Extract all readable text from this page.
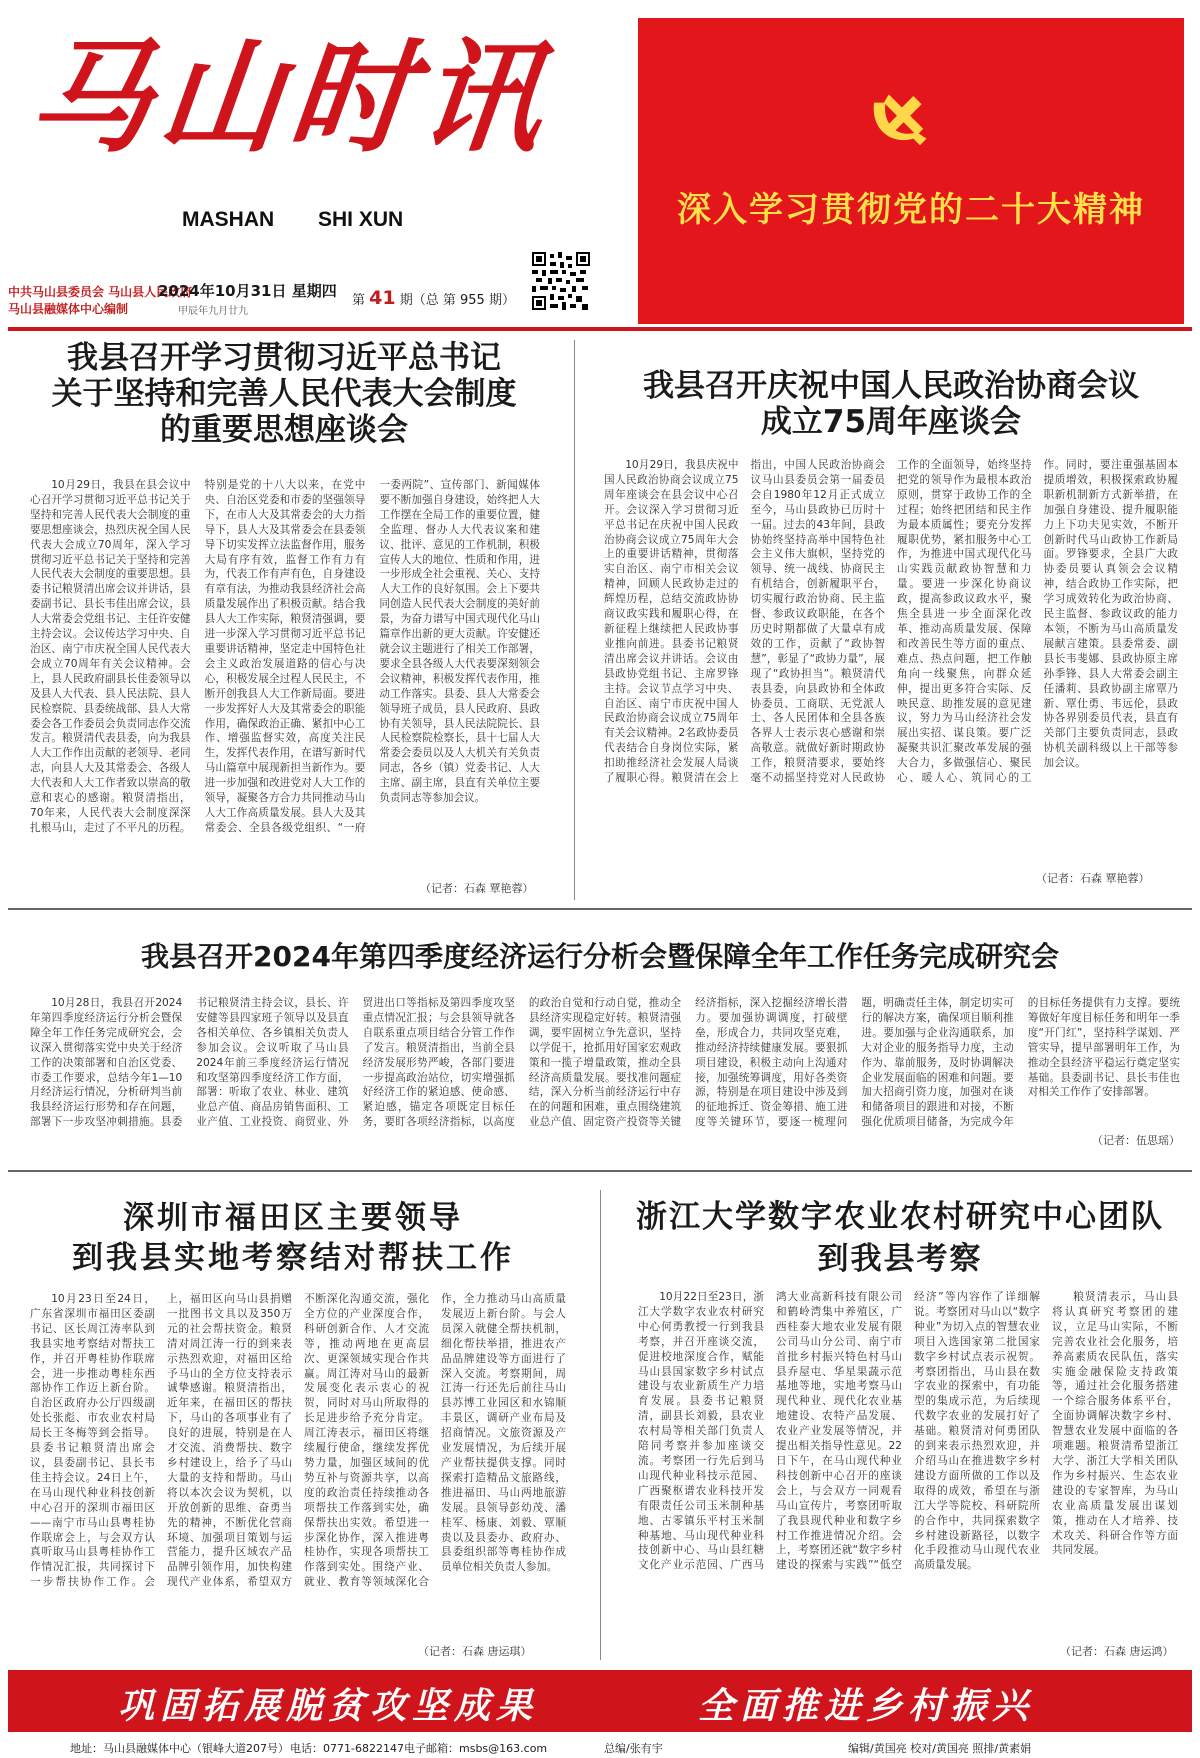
马山时讯
MASHAN SHI XUN	深入学习贯彻党的二十大精神
中共马山县委员会 马山县人民政府
马山县融媒体中心编制
2024年10月31日 星期四
甲辰年九月廿九
第 41 期（总 第 955 期）
我县召开学习贯彻习近平总书记
关于坚持和完善人民代表大会制度
的重要思想座谈会

10月29日，我县在县会议中心召开学习贯彻习近平总书记关于坚持和完善人民代表大会制度的重要思想座谈会，热烈庆祝全国人民代表大会成立70周年，深入学习贯彻习近平总书记关于坚持和完善人民代表大会制度的重要思想。县委书记粮贤清出席会议并讲话，县委副书记、县长韦佳出席会议，县人大常委会党组书记、主任许安健主持会议。会议传达学习中央、自治区、南宁市庆祝全国人民代表大会成立70周年有关会议精神。会上，县人民政府副县长佳委领导以及县人大代表、县人民法院、县人民检察院、县委统战部、县人大常委会各工作委员会负责同志作交流发言。粮贤清代表县委，向为我县人大工作作出贡献的老领导、老同志，向县人大及其常委会、各级人大代表和人大工作者致以崇高的敬意和衷心的感谢。粮贤清指出，70年来，人民代表大会制度深深扎根马山，走过了不平凡的历程。特别是党的十八大以来，在党中央、自治区党委和市委的坚强领导下，在市人大及其常委会的大力指导下，县人大及其常委会在县委领导下切实发挥立法监督作用，服务大局有序有效，监督工作有力有为，代表工作有声有色，自身建设有章有法，为推动我县经济社会高质量发展作出了积极贡献。结合我县人大工作实际，粮贤清强调，要进一步深入学习贯彻习近平总书记重要讲话精神，坚定走中国特色社会主义政治发展道路的信心与决心，积极发展全过程人民民主，不断开创我县人大工作新局面。要进一步发挥好人大及其常委会的职能作用，确保政治正确、紧扣中心工作、增强监督实效，高度关注民生，发挥代表作用，在谱写新时代马山篇章中展现新担当新作为。要进一步加强和改进党对人大工作的领导，凝聚各方合力共同推动马山人大工作高质量发展。县人大及其常委会、全县各级党组织、“一府一委两院”、宣传部门、新闻媒体要不断加强自身建设，始终把人大工作摆在全局工作的重要位置，健全监理、督办人大代表议案和建议、批评、意见的工作机制，积极宣传人大的地位、性质和作用，进一步形成全社会重视、关心、支持人大工作的良好氛围。会上下要共同创造人民代表大会制度的美好前景，为奋力谱写中国式现代化马山篇章作出新的更大贡献。许安健还就会议主题进行了相关工作部署，要求全县各级人大代表要深刻领会会议精神，积极发挥代表作用，推动工作落实。县委、县人大常委会领导班子成员，县人民政府、县政协有关领导，县人民法院院长、县人民检察院检察长，县十七届人大常委会委员以及人大机关有关负责同志，各乡（镇）党委书记、人大主席、副主席，县直有关单位主要负责同志等参加会议。

（记者：石森 覃艳蓉）
我县召开庆祝中国人民政治协商会议
成立75周年座谈会

10月29日，我县庆祝中国人民政治协商会议成立75周年座谈会在县会议中心召开。会议深入学习贯彻习近平总书记在庆祝中国人民政治协商会议成立75周年大会上的重要讲话精神，贯彻落实自治区、南宁市相关会议精神，回顾人民政协走过的辉煌历程，总结交流政协协商议政实践和履职心得，在新征程上继续把人民政协事业推向前进。县委书记粮贤清出席会议并讲话。会议由县政协党组书记、主席罗锋主持。会议节点学习中央、自治区、南宁市庆祝中国人民政治协商会议成立75周年有关会议精神。2名政协委员代表结合自身岗位实际，紧扣助推经济社会发展人局谈了履职心得。粮贤清在会上指出，中国人民政治协商会议马山县委员会第一届委员会自1980年12月正式成立至今，马山县政协已历时十一届。过去的43年间，县政协始终坚持高举中国特色社会主义伟大旗帜，坚持党的领导、统一战线、协商民主有机结合，创新履职平台，切实履行政治协商、民主监督、参政议政职能，在各个历史时期都做了大量卓有成效的工作，贡献了“政协智慧”，彰显了“政协力量”，展现了“政协担当”。粮贤清代表县委，向县政协和全体政协委员、工商联、无党派人士、各人民团体和全县各族各界人士表示衷心感谢和崇高敬意。就做好新时期政协工作，粮贤清要求，要始终毫不动摇坚持党对人民政协工作的全面领导，始终坚持把党的领导作为最根本政治原则，贯穿于政协工作的全过程；始终把团结和民主作为最本质属性；要充分发挥履职优势，紧扣服务中心工作，为推进中国式现代化马山实践贡献政协智慧和力量。要进一步深化协商议政，提高参政议政水平，聚焦全县进一步全面深化改革、推动高质量发展、保障和改善民生等方面的重点、难点、热点问题，把工作触角向一线聚焦，向群众延伸，提出更多符合实际、反映民意、助推发展的意见建议，努力为马山经济社会发展出实招、谋良策。要广泛凝聚共识汇聚改革发展的强大合力，多做强信心、聚民心、暖人心、筑同心的工作。同时，要注重强基固本提质增效，积极探索政协履职新机制新方式新举措，在加强自身建设、提升履职能力上下功夫见实效，不断开创新时代马山政协工作新局面。罗锋要求，全县广大政协委员要认真领会会议精神，结合政协工作实际，把学习成效转化为政治协商、民主监督、参政议政的能力本领，不断为马山高质量发展献言建策。县委常委、副县长韦斐娜、县政协原主席孙季锋、县人大常委会副主任潘莉、县政协副主席覃乃新、覃仕勇、韦远伦，县政协各界别委员代表，县直有关部门主要负责同志，县政协机关副科级以上干部等参加会议。

（记者：石森 覃艳蓉）
我县召开2024年第四季度经济运行分析会暨保障全年工作任务完成研究会

10月28日，我县召开2024年第四季度经济运行分析会暨保障全年工作任务完成研究会，会议深入贯彻落实党中央关于经济工作的决策部署和自治区党委、市委工作要求，总结今年1—10月经济运行情况，分析研判当前我县经济运行形势和存在问题，部署下一步攻坚冲刺措施。县委书记粮贤清主持会议，县长、许安健等县四家班子领导以及县直各相关单位、各乡镇相关负责人参加会议。会议听取了马山县2024年前三季度经济运行情况和攻坚第四季度经济工作方面，部署：听取了农业、林业、建筑业总产值、商品房销售面积、工业产值、工业投资、商贸业、外贸进出口等指标及第四季度攻坚重点情况汇报；与会县领导就各自联系重点项目结合分管工作作了发言。粮贤清指出，当前全县经济发展形势严峻，各部门要进一步提高政治站位，切实增强抓好经济工作的紧迫感、使命感、紧迫感，锚定各项既定目标任务，要盯各项经济指标，以高度的政治自觉和行动自觉，推动全县经济实现稳定好转。粮贤清强调，要牢固树立争先意识，坚持以学促干，抢抓用好国家宏观政策和一揽子增量政策，推动全县经济高质量发展。要找准问题症结，深入分析当前经济运行中存在的问题和困难，重点围绕建筑业总产值、固定资产投资等关键经济指标，深入挖掘经济增长潜力。要加强协调调度，打破壁垒，形成合力，共同攻坚克难，推动经济持续健康发展。要狠抓项目建设，积极主动向上沟通对接，加强统筹调度，用好各类资源，特别是在项目建设中涉及到的征地拆迁、资金筹措、施工进度等关键环节，要逐一梳理问题，明确责任主体，制定切实可行的解决方案，确保项目顺利推进。要加强与企业沟通联系，加大对企业的服务指导力度，主动作为、靠前服务，及时协调解决企业发展面临的困难和问题。要加大招商引资力度，加强对在谈和储备项目的跟进和对接，不断强化优质项目储备，为完成今年的目标任务提供有力支撑。要统筹做好年度目标任务和明年一季度“开门红”，坚持科学谋划、严管实导，提早部署明年工作，为推动全县经济平稳运行奠定坚实基础。县委副书记、县长韦佳也对相关工作作了安排部署。

（记者：伍思瑶）
深圳市福田区主要领导
到我县实地考察结对帮扶工作

10月23日至24日，广东省深圳市福田区委副书记、区长周江涛率队到我县实地考察结对帮扶工作，并召开粤桂协作联席会，进一步推动粤桂东西部协作工作迈上新台阶。自治区政府办公厅四级副处长张彪、市农业农村局局长王冬梅等到会指导。县委书记粮贤清出席会议，县委副书记、县长韦佳主持会议。24日上午，在马山现代种业科技创新中心召开的深圳市福田区——南宁市马山县粤桂协作联席会上，与会双方认真听取马山县粤桂协作工作情况汇报，共同探讨下一步帮扶协作工作。会上，福田区向马山县捐赠一批图书文具以及350万元的社会帮扶资金。粮贤清对周江涛一行的到来表示热烈欢迎，对福田区给予马山的全方位支持表示诚挚感谢。粮贤清指出，近年来，在福田区的帮扶下，马山的各项事业有了良好的进展，特别是在人才交流、消费帮扶、数字乡村建设上，给予了马山大量的支持和帮助。马山将以本次会议为契机，以开放创新的思维、奋勇当先的精神，不断优化营商环境、加强项目策划与运营能力，提升区域农产品品牌引领作用，加快构建现代产业体系，希望双方不断深化沟通交流，强化全方位的产业深度合作，科研创新合作、人才交流等，推动两地在更高层次、更深领域实现合作共赢。周江涛对马山的最新发展变化表示衷心的祝贺，同时对马山所取得的长足进步给予充分肯定。周江涛表示，福田区将继续履行使命，继续发挥优势力量，加强区域间的优势互补与资源共享，以高度的政治责任持续推动各项帮扶工作落到实处，确保帮扶出实效。希望进一步深化协作，深入推进粤桂协作，实现各项帮扶工作落到实处。围绕产业、就业、教育等领域深化合作，全力推动马山高质量发展迈上新台阶。与会人员深入就健全帮扶机制，细化帮扶举措，推进农产品品牌建设等方面进行了深入交流。考察期间，周江涛一行还先后前往马山县苏博工业园区和水锦顺丰景区，调研产业布局及招商情况。文旅资源及产业发展情况，为后续开展产业帮扶提供支撑。同时探索打造精品文旅路线，推进福田、马山两地旅游发展。县领导彭幼茂、潘桂军、杨康、刘毅、覃顺贵以及县委办、政府办、县委组织部等粤桂协作成员单位相关负责人参加。

（记者：石森 唐运琪）
浙江大学数字农业农村研究中心团队
到我县考察

10月22日至23日，浙江大学数字农业农村研究中心何勇教授一行到我县考察，并召开座谈交流，促进校地深度合作，赋能马山县国家数字乡村试点建设与农业新质生产力培育发展。县委书记粮贤清，副县长刘毅，县农业农村局等相关部门负责人陪同考察并参加座谈交流。考察团一行先后到马山现代种业科技示范园、广西聚枢谱农业科技开发有限责任公司玉米制种基地、古零镇乐平村玉米制种基地、马山现代种业科技创新中心、马山县红糖文化产业示范园、广西马鸿大业高新科技有限公司和鹤岭湾集中养殖区，广西桂泰大地农业发展有限公司马山分公司、南宁市首批乡村振兴特色村马山县乔屋屯、华星果蔬示范基地等地，实地考察马山现代种业、现代化农业基地建设、农特产品发展、农业产业发展等情况，并提出相关指导性意见。22日下午，在马山现代种业科技创新中心召开的座谈会上，与会双方一同观看马山宣传片，考察团听取了我县现代种业和数字乡村工作推进情况介绍。会上，考察团还就“数字乡村建设的探索与实践”“低空经济”等内容作了详细解说。考察团对马山以“数字种业”为切入点的智慧农业项目入选国家第二批国家数字乡村试点表示祝贺。考察团指出，马山县在数字农业的探索中，有功能型的集成示范，为后续现代数字农业的发展打好了基础。粮贤清对何勇团队的到来表示热烈欢迎，并介绍马山在推进数字乡村建设方面所做的工作以及取得的成效，希望在与浙江大学等院校、科研院所的合作中，共同探索数字乡村建设新路径，以数字化手段推动马山现代农业高质量发展。

粮贤清表示，马山县将认真研究考察团的建议，立足马山实际，不断完善农业社会化服务，培养高素质农民队伍，落实实施金融保险支持政策等，通过社会化服务搭建一个综合服务体系平台，全面协调解决数字乡村、智慧农业发展中面临的各项难题。粮贤清希望浙江大学、浙江大学相关团队作为乡村振兴、生态农业建设的专家智库，为马山农业高质量发展出谋划策，推动在人才培养、技术攻关、科研合作等方面共同发展。

（记者：石森 唐运鸿）
巩固拓展脱贫攻坚成果	全面推进乡村振兴
地址：马山县融媒体中心（银峰大道207号） 电话：0771-6822147 电子邮箱：msbs@163.com	总编/张有宇	编辑/黄国亮 校对/黄国亮 照排/黄素娟
